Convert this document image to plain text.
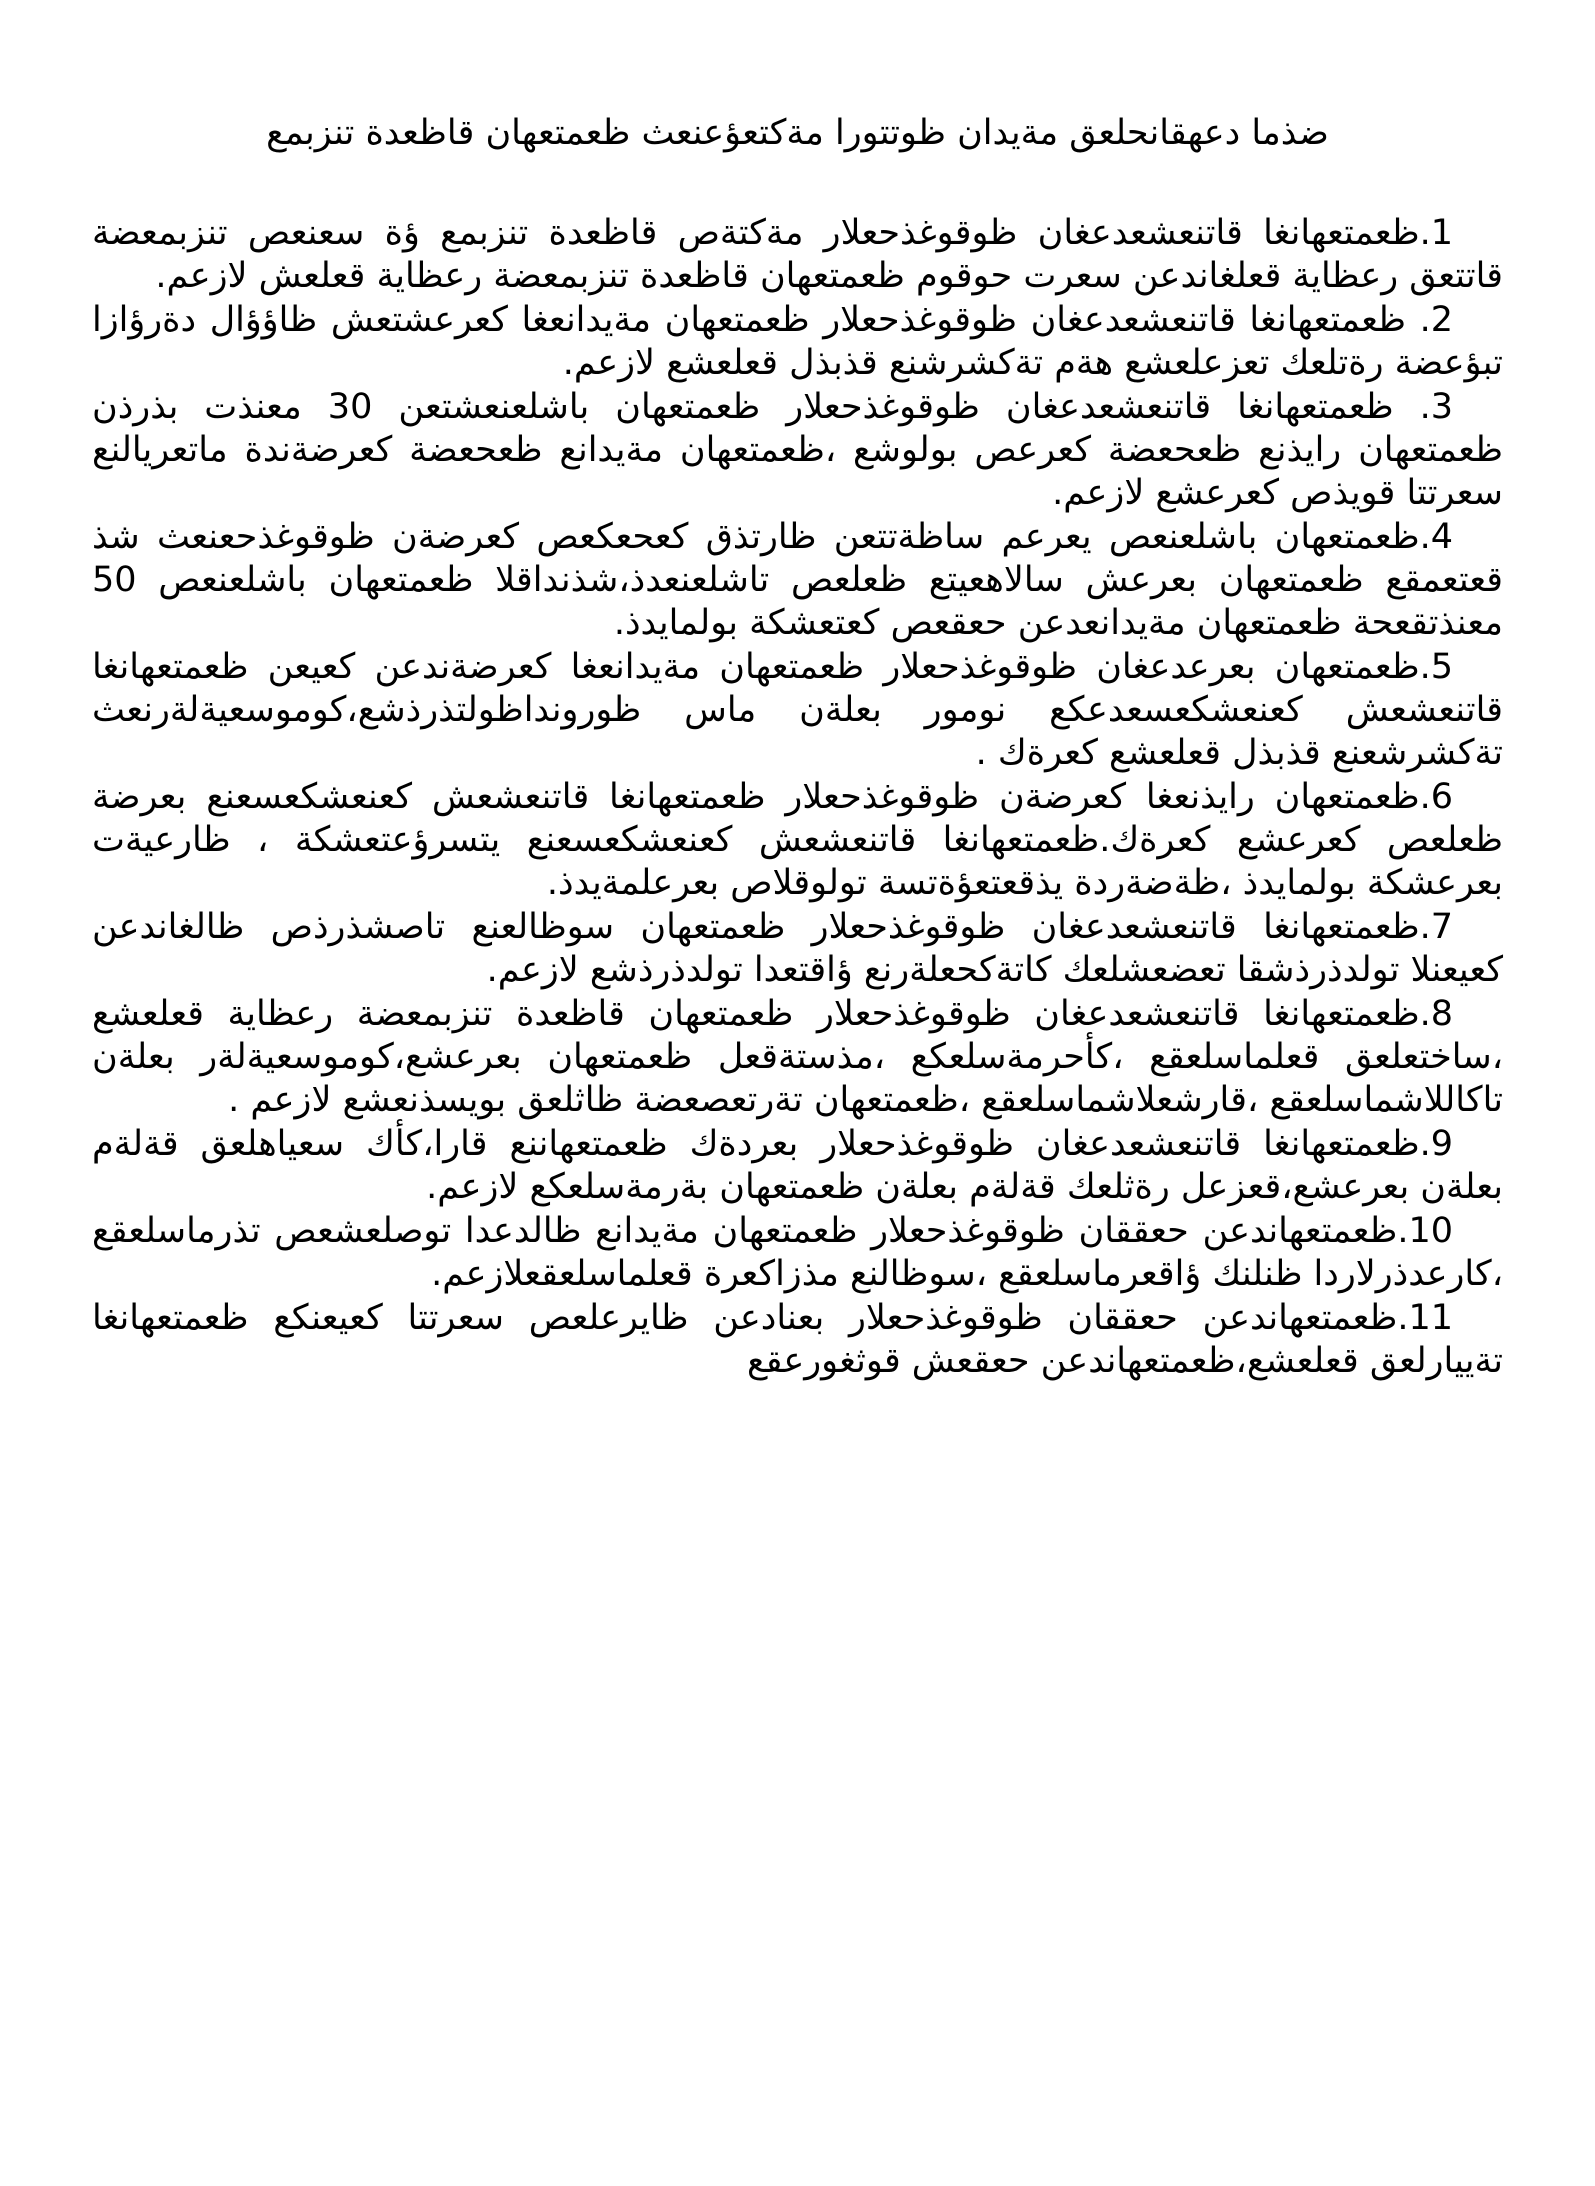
ضذما دعهقانحلعق مةيدان ظوتتورا مةكتعؤعنعث ظعمتعهان قاظعدة تنزبمع

1.ظعمتعهانغا قاتنعشعدعغان ظوقوغذحعلار مةكتةص قاظعدة تنزبمع ؤة سعنعص تنزبمعضة قاتتعق رعظاية قعلغاندعن سعرت حوقوم ظعمتعهان قاظعدة تنزبمعضة رعظاية قعلعش لازعم.

2. ظعمتعهانغا قاتنعشعدعغان ظوقوغذحعلار ظعمتعهان مةيدانعغا كعرعشتعش ظاؤؤال دةرؤازا تبؤعضة رةتلعك تعزعلعشع هةم تةكشرشنع قذبذل قعلعشع لازعم.

3. ظعمتعهانغا قاتنعشعدعغان ظوقوغذحعلار ظعمتعهان باشلعنعشتعن 30 معنذت بذرذن ظعمتعهان رايذنع ظعحعضة كعرعص بولوشع ،ظعمتعهان مةيدانع ظعحعضة كعرضةندة ماتعريالنع سعرتتا قويذص كعرعشع لازعم.

4.ظعمتعهان باشلعنعص يعرعم ساظةتتعن ظارتذق كعحعكعص كعرضةن ظوقوغذحعنعث شذ قعتعمقع ظعمتعهان بعرعش سالاهعيتع ظعلعص تاشلعنعدذ،شذنداقلا ظعمتعهان باشلعنعص 50 معنذتقعحة ظعمتعهان مةيدانعدعن حعقعص كعتعشكة بولمايدذ.

5.ظعمتعهان بعرعدعغان ظوقوغذحعلار ظعمتعهان مةيدانعغا كعرضةندعن كعيعن ظعمتعهانغا قاتنعشعش كعنعشكعسعدعكع نومور بعلةن ماس ظورونداظولتذرذشع،كوموسعيةلةرنعث تةكشرشعنع قذبذل قعلعشع كعرةك .

6.ظعمتعهان رايذنعغا كعرضةن ظوقوغذحعلار ظعمتعهانغا قاتنعشعش كعنعشكعسعنع بعرضة ظعلعص كعرعشع كعرةك.ظعمتعهانغا قاتنعشعش كعنعشكعسعنع يتسرؤعتعشكة ، ظارعيةت بعرعشكة بولمايدذ ،ظةضةردة يذقعتعؤةتسة تولوقلاص بعرعلمةيدذ.

7.ظعمتعهانغا قاتنعشعدعغان ظوقوغذحعلار ظعمتعهان سوظالعنع تاصشذرذص ظالغاندعن كعيعنلا تولدذرذشقا تعضعشلعك كاتةكحعلةرنع ؤاقتعدا تولدذرذشع لازعم.

8.ظعمتعهانغا قاتنعشعدعغان ظوقوغذحعلار ظعمتعهان قاظعدة تنزبمعضة رعظاية قعلعشع ،ساختعلعق قعلماسلعقع ،كأحرمةسلعكع ،مذستةقعل ظعمتعهان بعرعشع،كوموسعيةلةر بعلةن تاكاللاشماسلعقع ،قارشعلاشماسلعقع ،ظعمتعهان تةرتعصعضة ظاثلعق بويسذنعشع لازعم .

9.ظعمتعهانغا قاتنعشعدعغان ظوقوغذحعلار بعردةك ظعمتعهاننع قارا،كأك سعياهلعق قةلةم بعلةن بعرعشع،قعزعل رةثلعك قةلةم بعلةن ظعمتعهان بةرمةسلعكع لازعم.

10.ظعمتعهاندعن حعققان ظوقوغذحعلار ظعمتعهان مةيدانع ظالدعدا توصلعشعص تذرماسلعقع ،كارعدذرلاردا ظنلنك ؤاقعرماسلعقع ،سوظالنع مذزاكعرة قعلماسلعقعلازعم.

11.ظعمتعهاندعن حعققان ظوقوغذحعلار بعنادعن ظايرعلعص سعرتتا كعيعنكع ظعمتعهانغا تةييارلعق قعلعشع،ظعمتعهاندعن حعقعش قوثغورعقع
